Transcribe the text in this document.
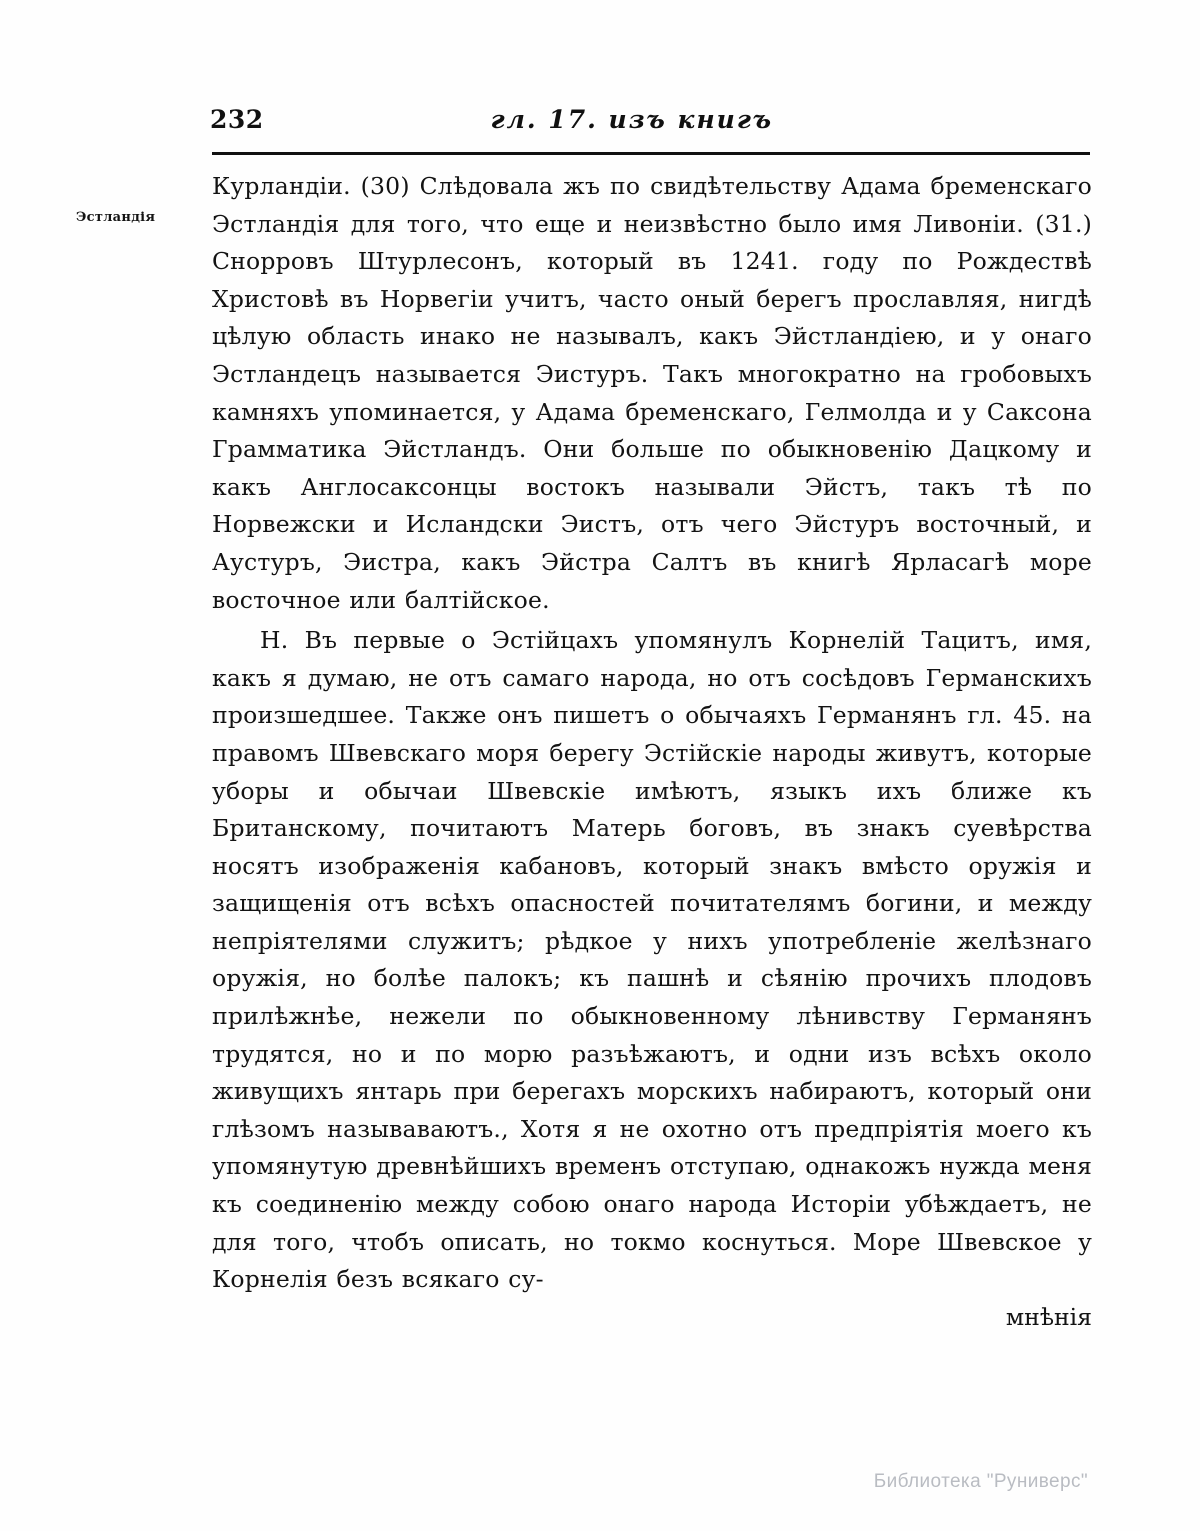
232	гл. 17. изъ книгъ
Эстландія

Курландіи. (30) Слѣдовала жъ по свидѣтельству Адама бременскаго Эстландія для того, что еще и неизвѣстно было имя Ливоніи. (31.) Снорровъ Штурлесонъ, который въ 1241. году по Рождествѣ Христовѣ въ Норвегіи учитъ, часто оный берегъ прославляя, нигдѣ цѣлую область инако не называлъ, какъ Эйстландіею, и у онаго Эстландецъ называется Эистуръ. Такъ многократно на гробовыхъ камняхъ упоминается, у Адама бременскаго, Гелмолда и у Саксона Грамматика Эйстландъ. Они больше по обыкновенію Дацкому и какъ Англосаксонцы востокъ называли Эйстъ, такъ тѣ по Норвежски и Исландски Эистъ, отъ чего Эйстуръ восточный, и Аустуръ, Эистра, какъ Эйстра Салтъ въ книгѣ Ярласагѣ море восточное или балтійское.

Н. Въ первые о Эстійцахъ упомянулъ Корнелій Тацитъ, имя, какъ я думаю, не отъ самаго народа, но отъ сосѣдовъ Германскихъ произшедшее. Также онъ пишетъ о обычаяхъ Германянъ гл. 45. на правомъ Швевскаго моря берегу Эстійскіе народы живутъ, которые уборы и обычаи Швевскіе имѣютъ, языкъ ихъ ближе къ Британскому, почитаютъ Матерь боговъ, въ знакъ суевѣрства носятъ изображенія кабановъ, который знакъ вмѣсто оружія и защищенія отъ всѣхъ опасностей почитателямъ богини, и между непріятелями служитъ; рѣдкое у нихъ употребленіе желѣзнаго оружія, но болѣе палокъ; къ пашнѣ и сѣянію прочихъ плодовъ прилѣжнѣе, нежели по обыкновенному лѣнивству Германянъ трудятся, но и по морю разъѣжаютъ, и одни изъ всѣхъ около живущихъ янтарь при берегахъ морскихъ набираютъ, который они глѣзомъ называваютъ., Хотя я не охотно отъ предпріятія моего къ упомянутую древнѣйшихъ временъ отступаю, однакожъ нужда меня къ соединенію между собою онаго народа Исторіи убѣждаетъ, не для того, чтобъ описать, но токмо коснуться. Море Швевское у Корнелія безъ всякаго су-

мнѣнія
Библиотека "Руниверс"
